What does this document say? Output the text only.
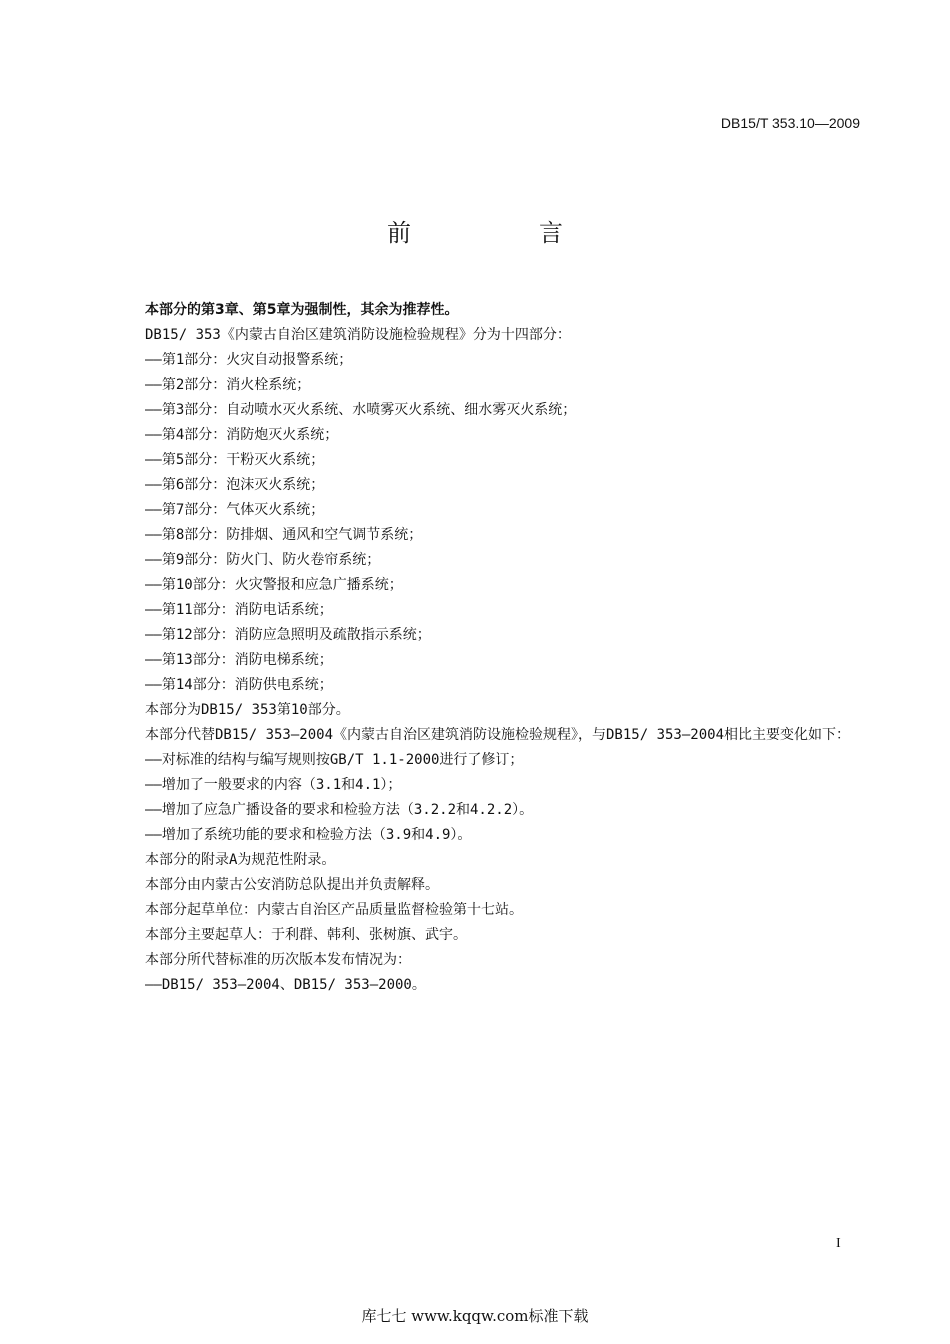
DB15/T 353.10—2009
前　言
本部分的第3章、第5章为强制性，其余为推荐性。
DB15/ 353《内蒙古自治区建筑消防设施检验规程》分为十四部分：
——第1部分：火灾自动报警系统；
——第2部分：消火栓系统；
——第3部分：自动喷水灭火系统、水喷雾灭火系统、细水雾灭火系统；
——第4部分：消防炮灭火系统；
——第5部分：干粉灭火系统；
——第6部分：泡沫灭火系统；
——第7部分：气体灭火系统；
——第8部分：防排烟、通风和空气调节系统；
——第9部分：防火门、防火卷帘系统；
——第10部分：火灾警报和应急广播系统；
——第11部分：消防电话系统；
——第12部分：消防应急照明及疏散指示系统；
——第13部分：消防电梯系统；
——第14部分：消防供电系统；
本部分为DB15/ 353第10部分。
本部分代替DB15/ 353—2004《内蒙古自治区建筑消防设施检验规程》，与DB15/ 353—2004相比主要变化如下：
——对标准的结构与编写规则按GB/T 1.1-2000进行了修订；
——增加了一般要求的内容（3.1和4.1）；
——增加了应急广播设备的要求和检验方法（3.2.2和4.2.2）。
——增加了系统功能的要求和检验方法（3.9和4.9）。
本部分的附录A为规范性附录。
本部分由内蒙古公安消防总队提出并负责解释。
本部分起草单位：内蒙古自治区产品质量监督检验第十七站。
本部分主要起草人：于利群、韩利、张树旗、武宇。
本部分所代替标准的历次版本发布情况为：
——DB15/ 353—2004、DB15/ 353—2000。
I
库七七 www.kqqw.com标准下载
